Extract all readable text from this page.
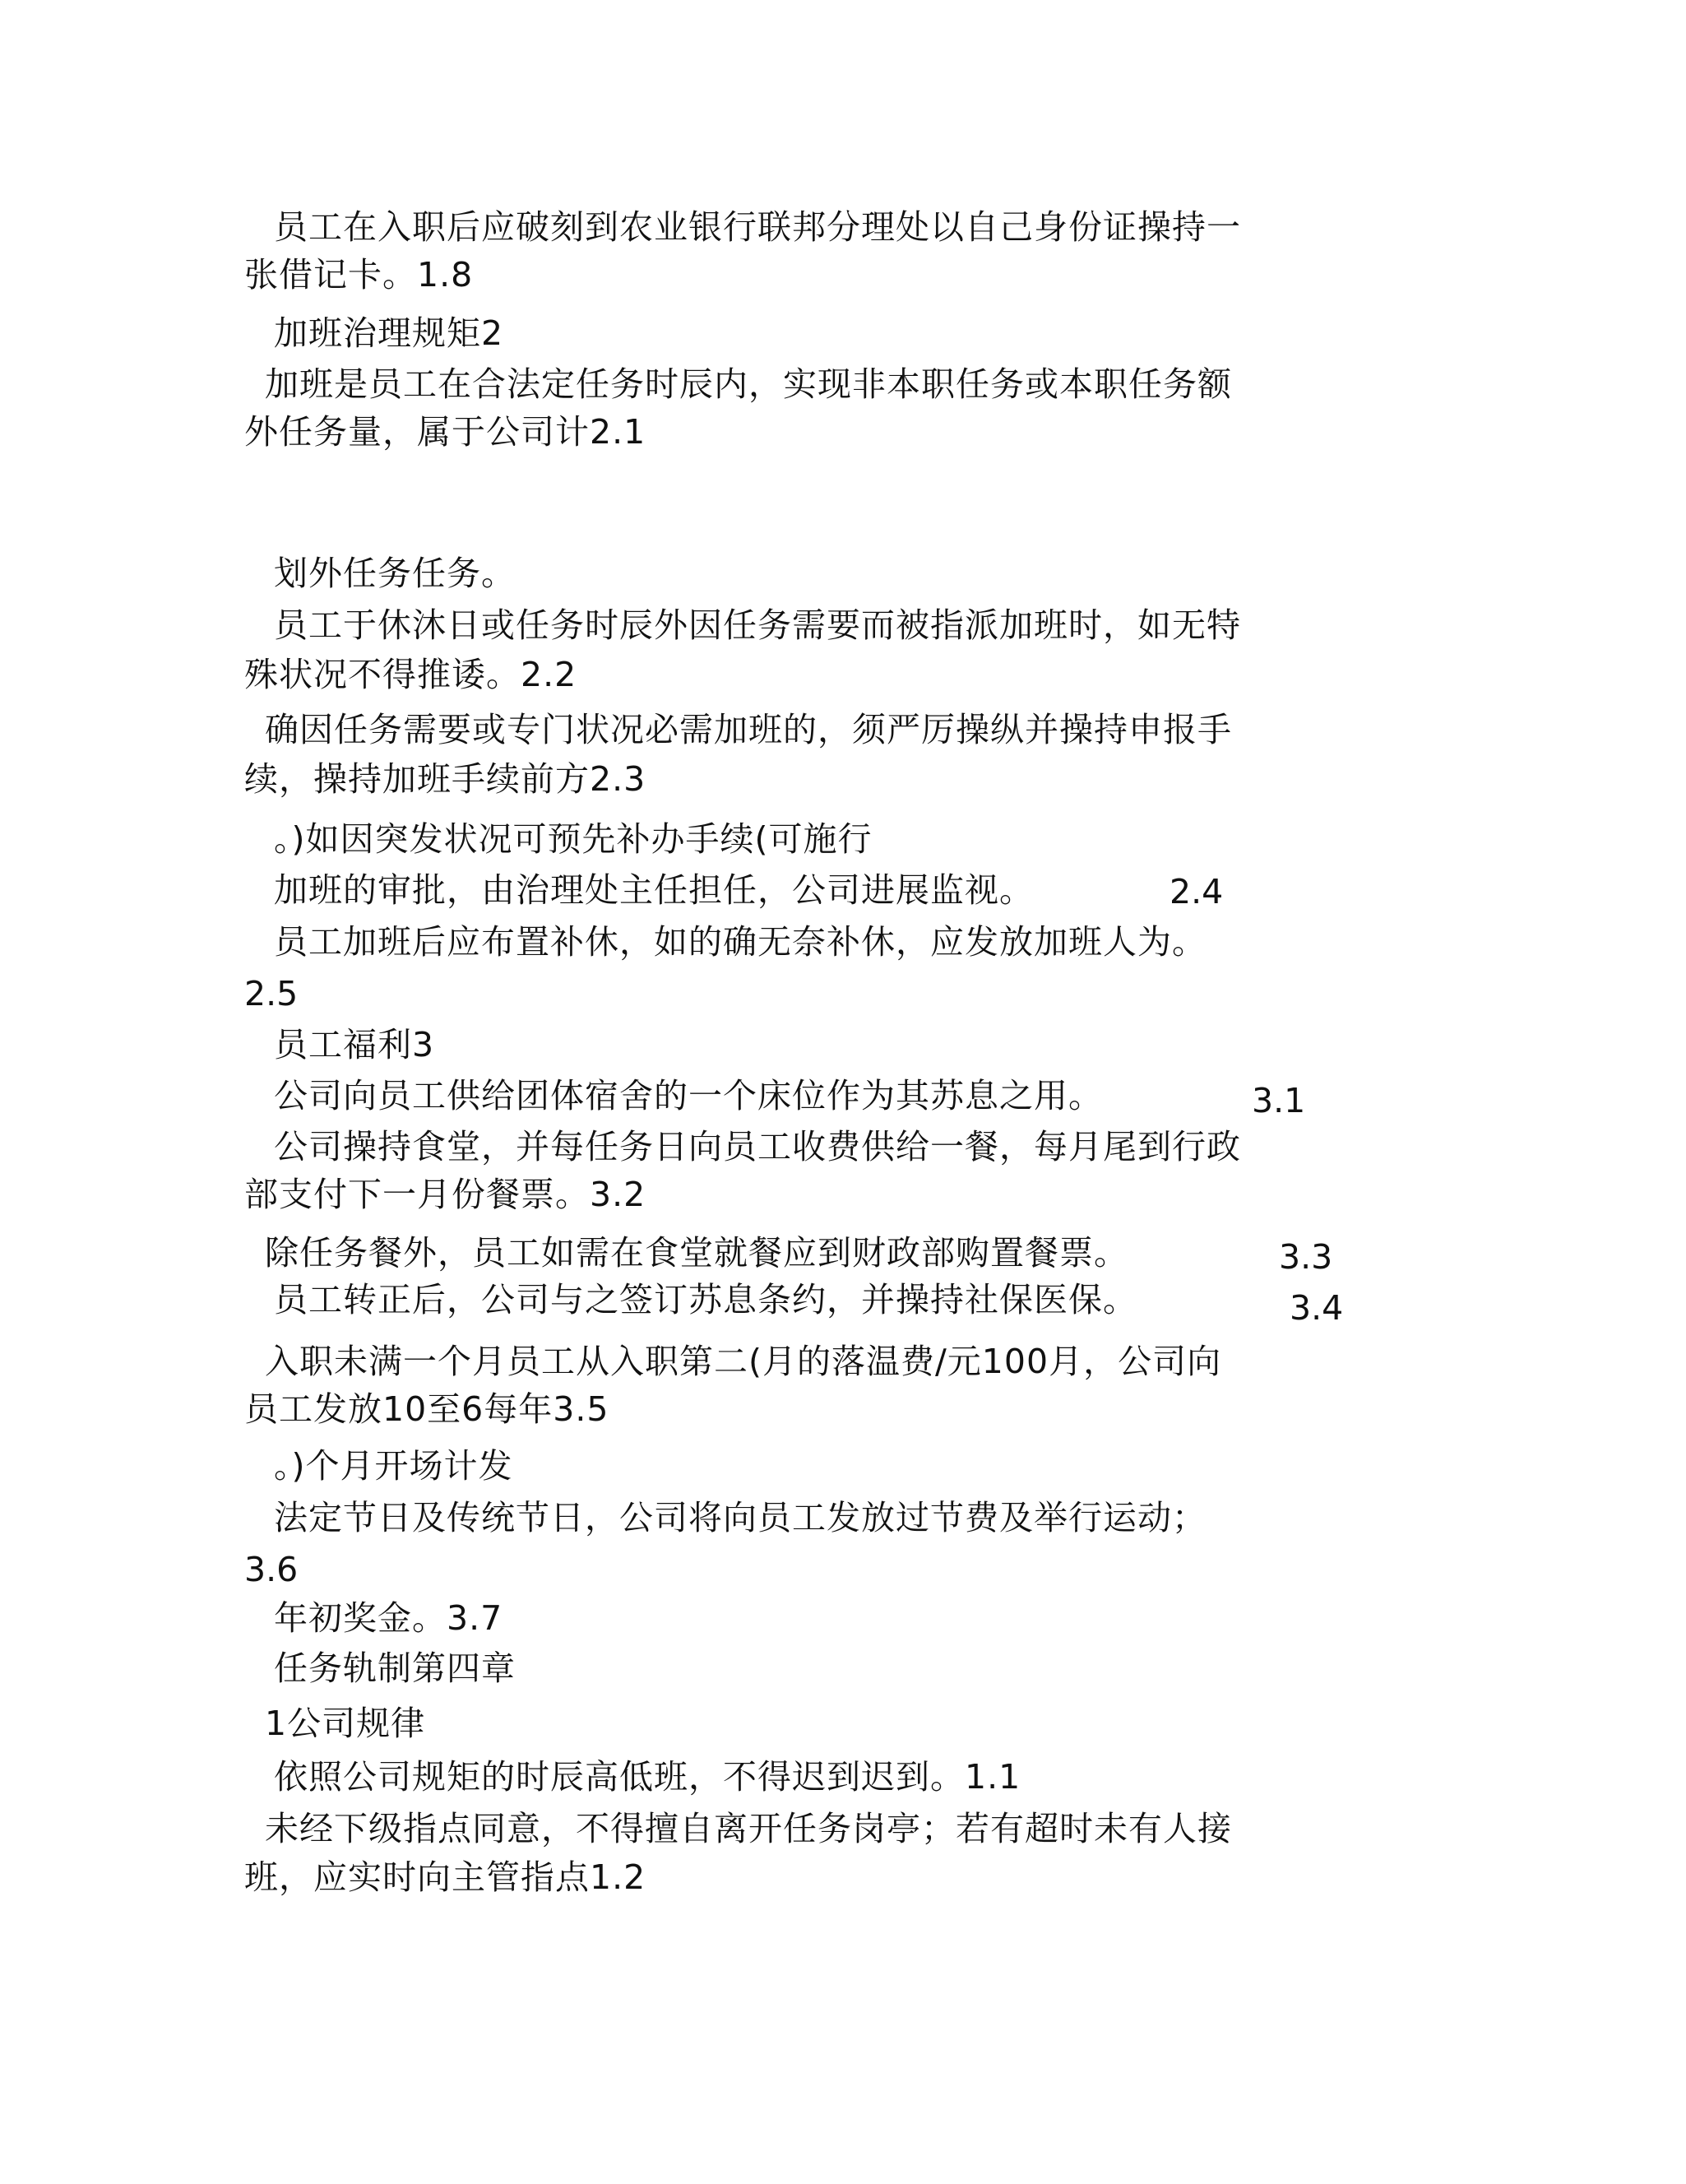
员工在入职后应破刻到农业银行联邦分理处以自己身份证操持一
张借记卡。1.8
加班治理规矩2
加班是员工在合法定任务时辰内，实现非本职任务或本职任务额
外任务量，属于公司计2.1
划外任务任务。
员工于休沐日或任务时辰外因任务需要而被指派加班时，如无特
殊状况不得推诿。2.2
确因任务需要或专门状况必需加班的，须严厉操纵并操持申报手
续，操持加班手续前方2.3
。)如因突发状况可预先补办手续(可施行
加班的审批，由治理处主任担任，公司进展监视。	2.4
员工加班后应布置补休，如的确无奈补休，应发放加班人为。
2.5
员工福利3
公司向员工供给团体宿舍的一个床位作为其苏息之用。	3.1
公司操持食堂，并每任务日向员工收费供给一餐，每月尾到行政
部支付下一月份餐票。3.2
除任务餐外，员工如需在食堂就餐应到财政部购置餐票。	3.3
员工转正后，公司与之签订苏息条约，并操持社保医保。	3.4
入职未满一个月员工从入职第二(月的落温费/元100月，公司向
员工发放10至6每年3.5
。)个月开场计发
法定节日及传统节日，公司将向员工发放过节费及举行运动；
3.6
年初奖金。3.7
任务轨制第四章
1公司规律
依照公司规矩的时辰高低班，不得迟到迟到。1.1
未经下级指点同意，不得擅自离开任务岗亭；若有超时未有人接
班，应实时向主管指点1.2
